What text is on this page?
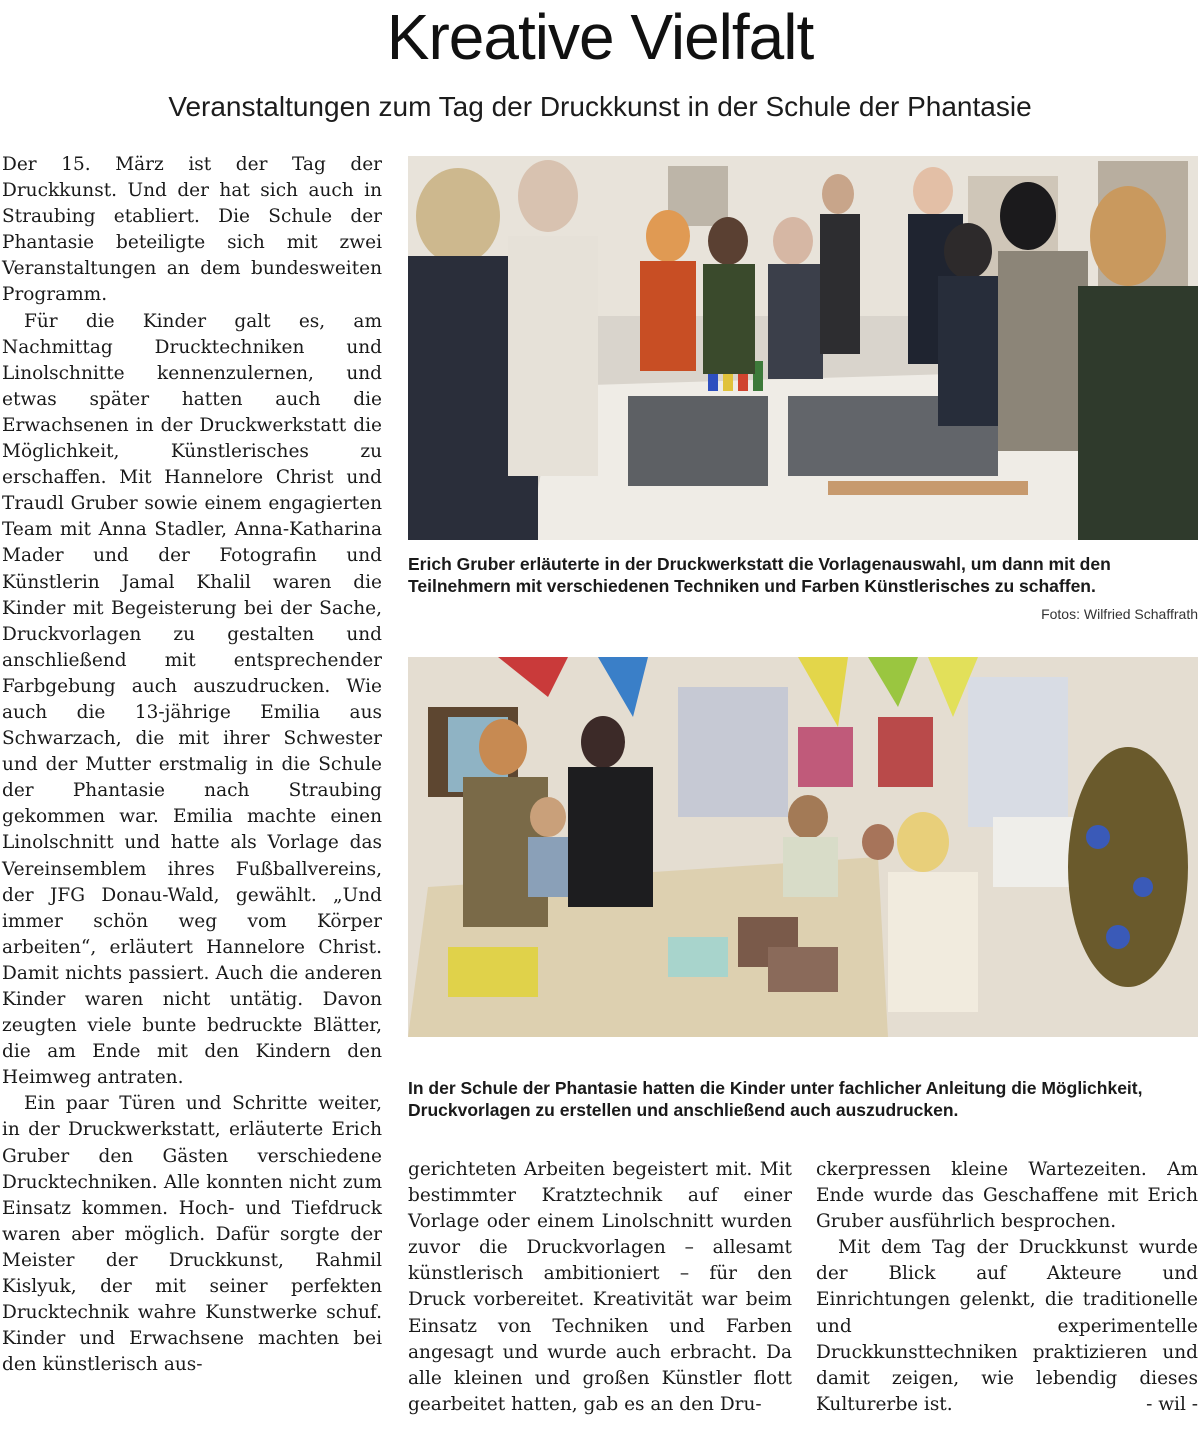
Kreative Vielfalt
Veranstaltungen zum Tag der Druckkunst in der Schule der Phantasie

Der 15. März ist der Tag der Druckkunst. Und der hat sich auch in Straubing etabliert. Die Schule der Phantasie beteiligte sich mit zwei Veranstaltungen an dem bundesweiten Programm.

Für die Kinder galt es, am Nachmittag Drucktechniken und Linolschnitte kennenzulernen, und etwas später hatten auch die Erwachsenen in der Druckwerkstatt die Möglichkeit, Künstlerisches zu erschaffen. Mit Hannelore Christ und Traudl Gruber sowie einem engagierten Team mit Anna Stadler, Anna-Katharina Mader und der Fotografin und Künstlerin Jamal Khalil waren die Kinder mit Begeisterung bei der Sache, Druckvorlagen zu gestalten und anschließend mit entsprechender Farbgebung auch auszudrucken. Wie auch die 13-jährige Emilia aus Schwarzach, die mit ihrer Schwester und der Mutter erstmalig in die Schule der Phantasie nach Straubing gekommen war. Emilia machte einen Linolschnitt und hatte als Vorlage das Vereinsemblem ihres Fußballvereins, der JFG Donau-Wald, gewählt. „Und immer schön weg vom Körper arbeiten“, erläutert Hannelore Christ. Damit nichts passiert. Auch die anderen Kinder waren nicht untätig. Davon zeugten viele bunte bedruckte Blätter, die am Ende mit den Kindern den Heimweg antraten.

Ein paar Türen und Schritte weiter, in der Druckwerkstatt, erläuterte Erich Gruber den Gästen verschiedene Drucktechniken. Alle konnten nicht zum Einsatz kommen. Hoch- und Tiefdruck waren aber möglich. Dafür sorgte der Meister der Druckkunst, Rahmil Kislyuk, der mit seiner perfekten Drucktechnik wahre Kunstwerke schuf. Kinder und Erwachsene machten bei den künstlerisch aus-

Erich Gruber erläuterte in der Druckwerkstatt die Vorlagenauswahl, um dann mit den Teilnehmern mit verschiedenen Techniken und Farben Künstlerisches zu schaffen.
Fotos: Wilfried Schaffrath
In der Schule der Phantasie hatten die Kinder unter fachlicher Anleitung die Möglichkeit, Druckvorlagen zu erstellen und anschließend auch auszudrucken.

gerichteten Arbeiten begeistert mit. Mit bestimmter Kratztechnik auf einer Vorlage oder einem Linolschnitt wurden zuvor die Druckvorlagen – allesamt künstlerisch ambitioniert – für den Druck vorbereitet. Kreativität war beim Einsatz von Techniken und Farben angesagt und wurde auch erbracht. Da alle kleinen und großen Künstler flott gearbeitet hatten, gab es an den Dru-

ckerpressen kleine Wartezeiten. Am Ende wurde das Geschaffene mit Erich Gruber ausführlich besprochen.

Mit dem Tag der Druckkunst wurde der Blick auf Akteure und Einrichtungen gelenkt, die traditionelle und experimentelle Druckkunsttechniken praktizieren und damit zeigen, wie lebendig dieses Kulturerbe ist.	- wil -
